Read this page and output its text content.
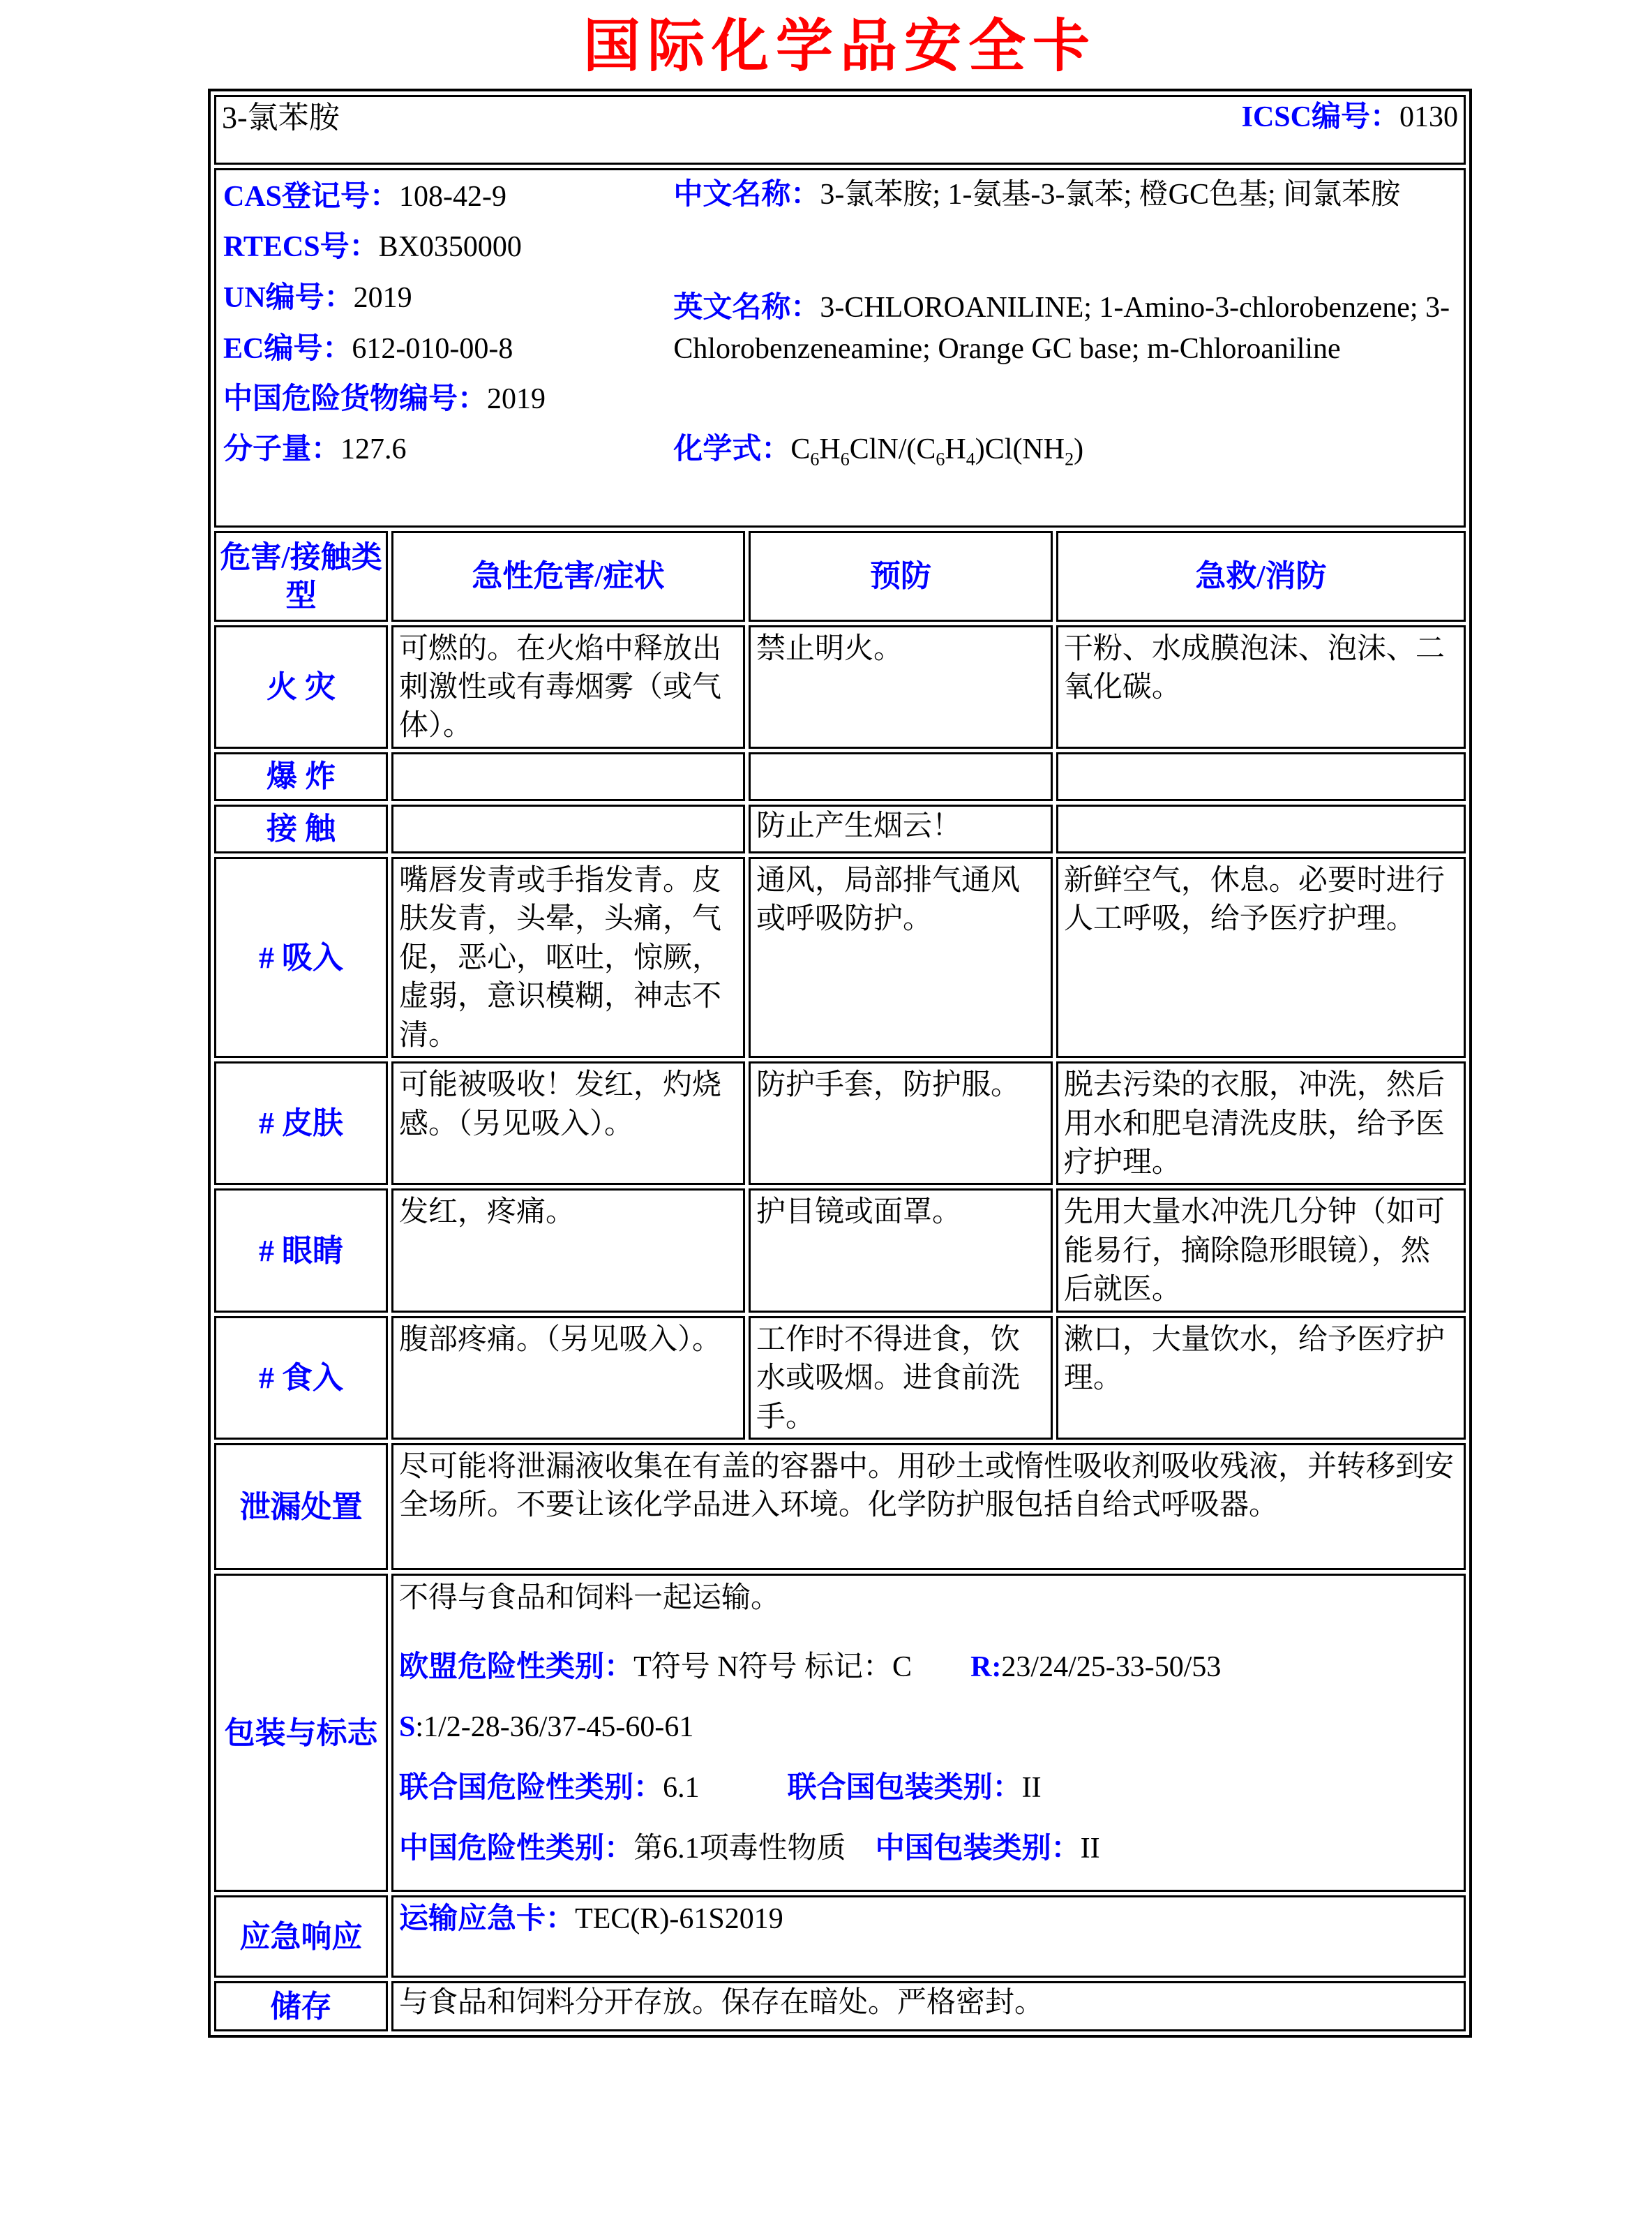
国际化学品安全卡
3-氯苯胺 ICSC编号：0130			

CAS登记号：108-42-9
RTECS号：BX0350000
UN编号：2019
EC编号：612-010-00-8
中国危险货物编号：2019
中文名称：3-氯苯胺; 1-氨基-3-氯苯; 橙GC色基; 间氯苯胺
英文名称：3-CHLOROANILINE; 1-Amino-3-chlorobenzene; 3-Chlorobenzeneamine; Orange GC base; m-Chloroaniline
分子量：127.6	化学式：$C_6H_6ClN/(C_6H_4)Cl(NH_2)$

危害/接触类型	急性危害/症状	预防	急救/消防
火 灾	可燃的。在火焰中释放出刺激性或有毒烟雾（或气体）。	禁止明火。	干粉、水成膜泡沫、泡沫、二氧化碳。
爆 炸			
接 触		防止产生烟云！	
# 吸入	嘴唇发青或手指发青。皮肤发青，头晕，头痛，气促，恶心，呕吐，惊厥，虚弱，意识模糊，神志不清。	通风，局部排气通风或呼吸防护。	新鲜空气，休息。必要时进行人工呼吸，给予医疗护理。
# 皮肤	可能被吸收！发红，灼烧感。（另见吸入）。	防护手套，防护服。	脱去污染的衣服，冲洗，然后用水和肥皂清洗皮肤，给予医疗护理。
# 眼睛	发红，疼痛。	护目镜或面罩。	先用大量水冲洗几分钟（如可能易行，摘除隐形眼镜），然后就医。
# 食入	腹部疼痛。（另见吸入）。	工作时不得进食，饮水或吸烟。进食前洗手。	漱口，大量饮水，给予医疗护理。
泄漏处置	尽可能将泄漏液收集在有盖的容器中。用砂土或惰性吸收剂吸收残液，并转移到安全场所。不要让该化学品进入环境。化学防护服包括自给式呼吸器。		
包装与标志	不得与食品和饲料一起运输。
欧盟危险性类别：T符号 N符号 标记：C　　R:23/24/25-33-50/53
S:1/2-28-36/37-45-60-61
联合国危险性类别：6.1　　　联合国包装类别：II
中国危险性类别：第6.1项毒性物质　中国包装类别：II		

应急响应	运输应急卡：TEC(R)-61S2019		
储存	与食品和饲料分开存放。保存在暗处。严格密封。		
